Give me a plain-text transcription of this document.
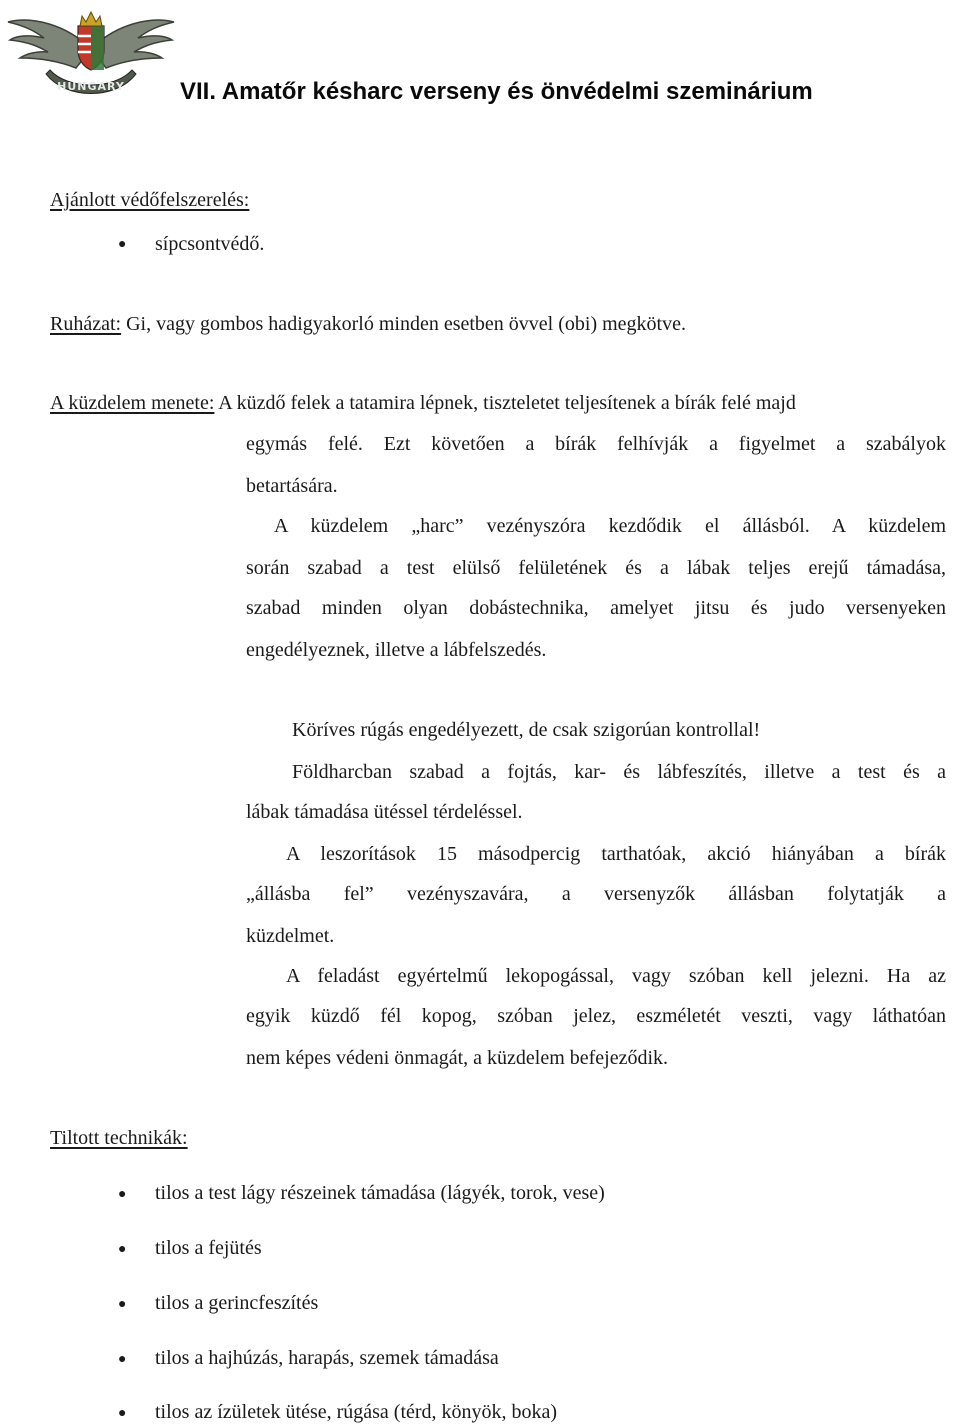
HUNGARY VII. Amatőr késharc verseny és önvédelmi szeminárium
Ajánlott védőfelszerelés:
● sípcsontvédő.
Ruházat: Gi, vagy gombos hadigyakorló minden esetben övvel (obi) megkötve.
A küzdelem menete: A küzdő felek a tatamira lépnek, tiszteletet teljesítenek a bírák felé majd
egymás felé. Ezt követően a bírák felhívják a figyelmet a szabályok
betartására.
A küzdelem „harc” vezényszóra kezdődik el állásból. A küzdelem
során szabad a test elülső felületének és a lábak teljes erejű támadása,
szabad minden olyan dobástechnika, amelyet jitsu és judo versenyeken
engedélyeznek, illetve a lábfelszedés.
Köríves rúgás engedélyezett, de csak szigorúan kontrollal!
Földharcban szabad a fojtás, kar- és lábfeszítés, illetve a test és a
lábak támadása ütéssel térdeléssel.
A leszorítások 15 másodpercig tarthatóak, akció hiányában a bírák
„állásba fel” vezényszavára, a versenyzők állásban folytatják a
küzdelmet.
A feladást egyértelmű lekopogással, vagy szóban kell jelezni. Ha az
egyik küzdő fél kopog, szóban jelez, eszméletét veszti, vagy láthatóan
nem képes védeni önmagát, a küzdelem befejeződik.
Tiltott technikák:
● tilos a test lágy részeinek támadása (lágyék, torok, vese)
● tilos a fejütés
● tilos a gerincfeszítés
● tilos a hajhúzás, harapás, szemek támadása
● tilos az ízületek ütése, rúgása (térd, könyök, boka)
